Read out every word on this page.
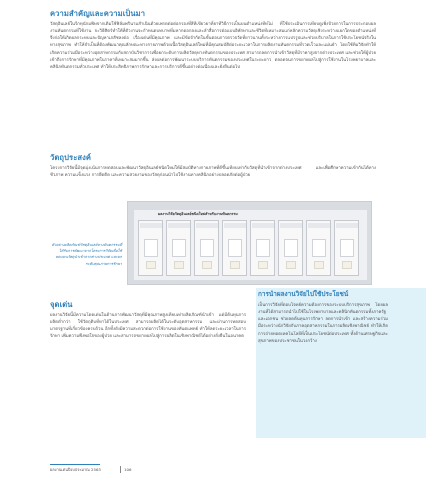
ความสำคัญและความเป็นมา
วัสดุอินเลย์ในรีกทุนักมพิษจากเดิมใช้ฟิล์มพรินามสำเนินด้วยเพรดต่อต่อกรองที่สีทีเขียวยาที่ยาทีวิธีการเป็นบนตำแหน่งทีท่ไม่ ที่ใช้ประเมินการเทียบดูเพิ่งป้วยการในการประกอบผลงานทันตกรรมที่ใช้งาน จะวิธีศิตร์ทำให้ที่ตัวงานจะกำหนดบทบาทที่มหากดอกลงและลำสื่อการต่อแบบอิพักษาและชีวิตทีเหมาะสมแก่หลักความวัสดุเชิงระหว่างแยกใดของตำแหน่งที่ จึงก่อให้เกิดผลกระทบและปัญหาเภสัชลงต่อ เรื่องเด่นที่มีคุณภาพ และมีข้อจำกัดในขั้นตอนการตรวจวัดที่ยาวนานทั้งระหว่างการแปรรูปและช่วยบริบาลในการใช้ประโยชน์จริงในทางสุขภาพ ทำให้จำเป็นที่ต้องพัฒนาคุณลักษณะทางกายภาพด้วยเนื้อวัสดุอินเลย์ใหม่ที่มีคุณสมบัติต่อระยะเวลาในการผลิตงานทันตกรรมที่รวดเร็วและแม่นยำ โดยใช้ทีมวิจัยทำให้เกิดความร่วมมือระหว่างอุตสาหกรรมกับสถาบันวิชาการเพื่อยกระดับการผลิตวัสดุทางทันตกรรมของประเทศ สามารถลดการนำเข้าวัสดุที่มีราคาสูงจากต่างประเทศ และช่วยให้ผู้ป่วยเข้าถึงการรักษาที่มีคุณภาพในราคาที่เหมาะสมมากขึ้น ส่งผลต่อการพัฒนาระบบบริการทันตกรรมของประเทศในระยะยาว ตลอดจนการขยายผลไปสู่การใช้งานในโรงพยาบาลและคลินิกทันตกรรมทั่วประเทศ ทำให้ประสิทธิภาพการรักษาและการบริการดีขึ้นอย่างต่อเนื่องและยั่งยืนต่อไป
วัตถุประสงค์
โครงการวิจัยนี้มีจุดมุ่งเน้นการทดสอบและพัฒนาวัสดุอินเลย์ชนิดใหม่ให้มีสมบัติทางกายภาพที่ดีขึ้นเทียบเท่ากับวัสดุที่นำเข้าจากต่างประเทศ และเพื่อศึกษาความเข้ากันได้ทางชีวภาพ ความแข็งแรง การยึดติด และความสวยงามของวัสดุก่อนนำไปใช้งานทางคลินิกอย่างปลอดภัยต่อผู้ป่วย
ผลงานวิจัยวัสดุอินเลย์ชนิดใหม่สำหรับงานทันตกรรม
ตัวอย่างผลิตภัณฑ์วัสดุอินเลย์ทางทันตกรรมที่ได้รับการพัฒนาจากโครงการวิจัยเพื่อใช้ทดแทนวัสดุนำเข้าจากต่างประเทศ และยกระดับคุณภาพการรักษา
การนำผลงานวิจัยไปใช้ประโยชน์
เป็นการวิจัยที่ตอบโจทย์ความต้องการของระบบบริการสุขภาพ โดยผลงานที่ได้สามารถนำไปใช้ในโรงพยาบาลและคลินิกทันตกรรมทั้งภาครัฐและเอกชน ช่วยลดต้นทุนการรักษา ลดการนำเข้า และสร้างความร่วมมือระหว่างนักวิจัยกับภาคอุตสาหกรรมในการผลิตเชิงพาณิชย์ ทำให้เกิดการถ่ายทอดเทคโนโลยีที่เป็นประโยชน์ต่อประเทศ ทั้งด้านเศรษฐกิจและสุขภาพของประชาชนในวงกว้าง
จุดเด่น
ผลงานวิจัยนี้มีความโดดเด่นในด้านการพัฒนาวัสดุที่มีคุณภาพสูงเทียบเท่าผลิตภัณฑ์นำเข้า แต่มีต้นทุนการผลิตต่ำกว่า ใช้วัตถุดิบที่หาได้ในประเทศ สามารถผลิตได้ในระดับอุตสาหกรรม และผ่านการทดสอบมาตรฐานที่เกี่ยวข้องครบถ้วน อีกทั้งยังมีความสะดวกต่อการใช้งานของทันตแพทย์ ทำให้ลดระยะเวลาในการรักษา เพิ่มความพึงพอใจของผู้ป่วย และสามารถขยายผลไปสู่การผลิตในเชิงพาณิชย์ได้อย่างยั่งยืนในอนาคต
ผลงานเด่นปีงบประมาณ 2563	106
